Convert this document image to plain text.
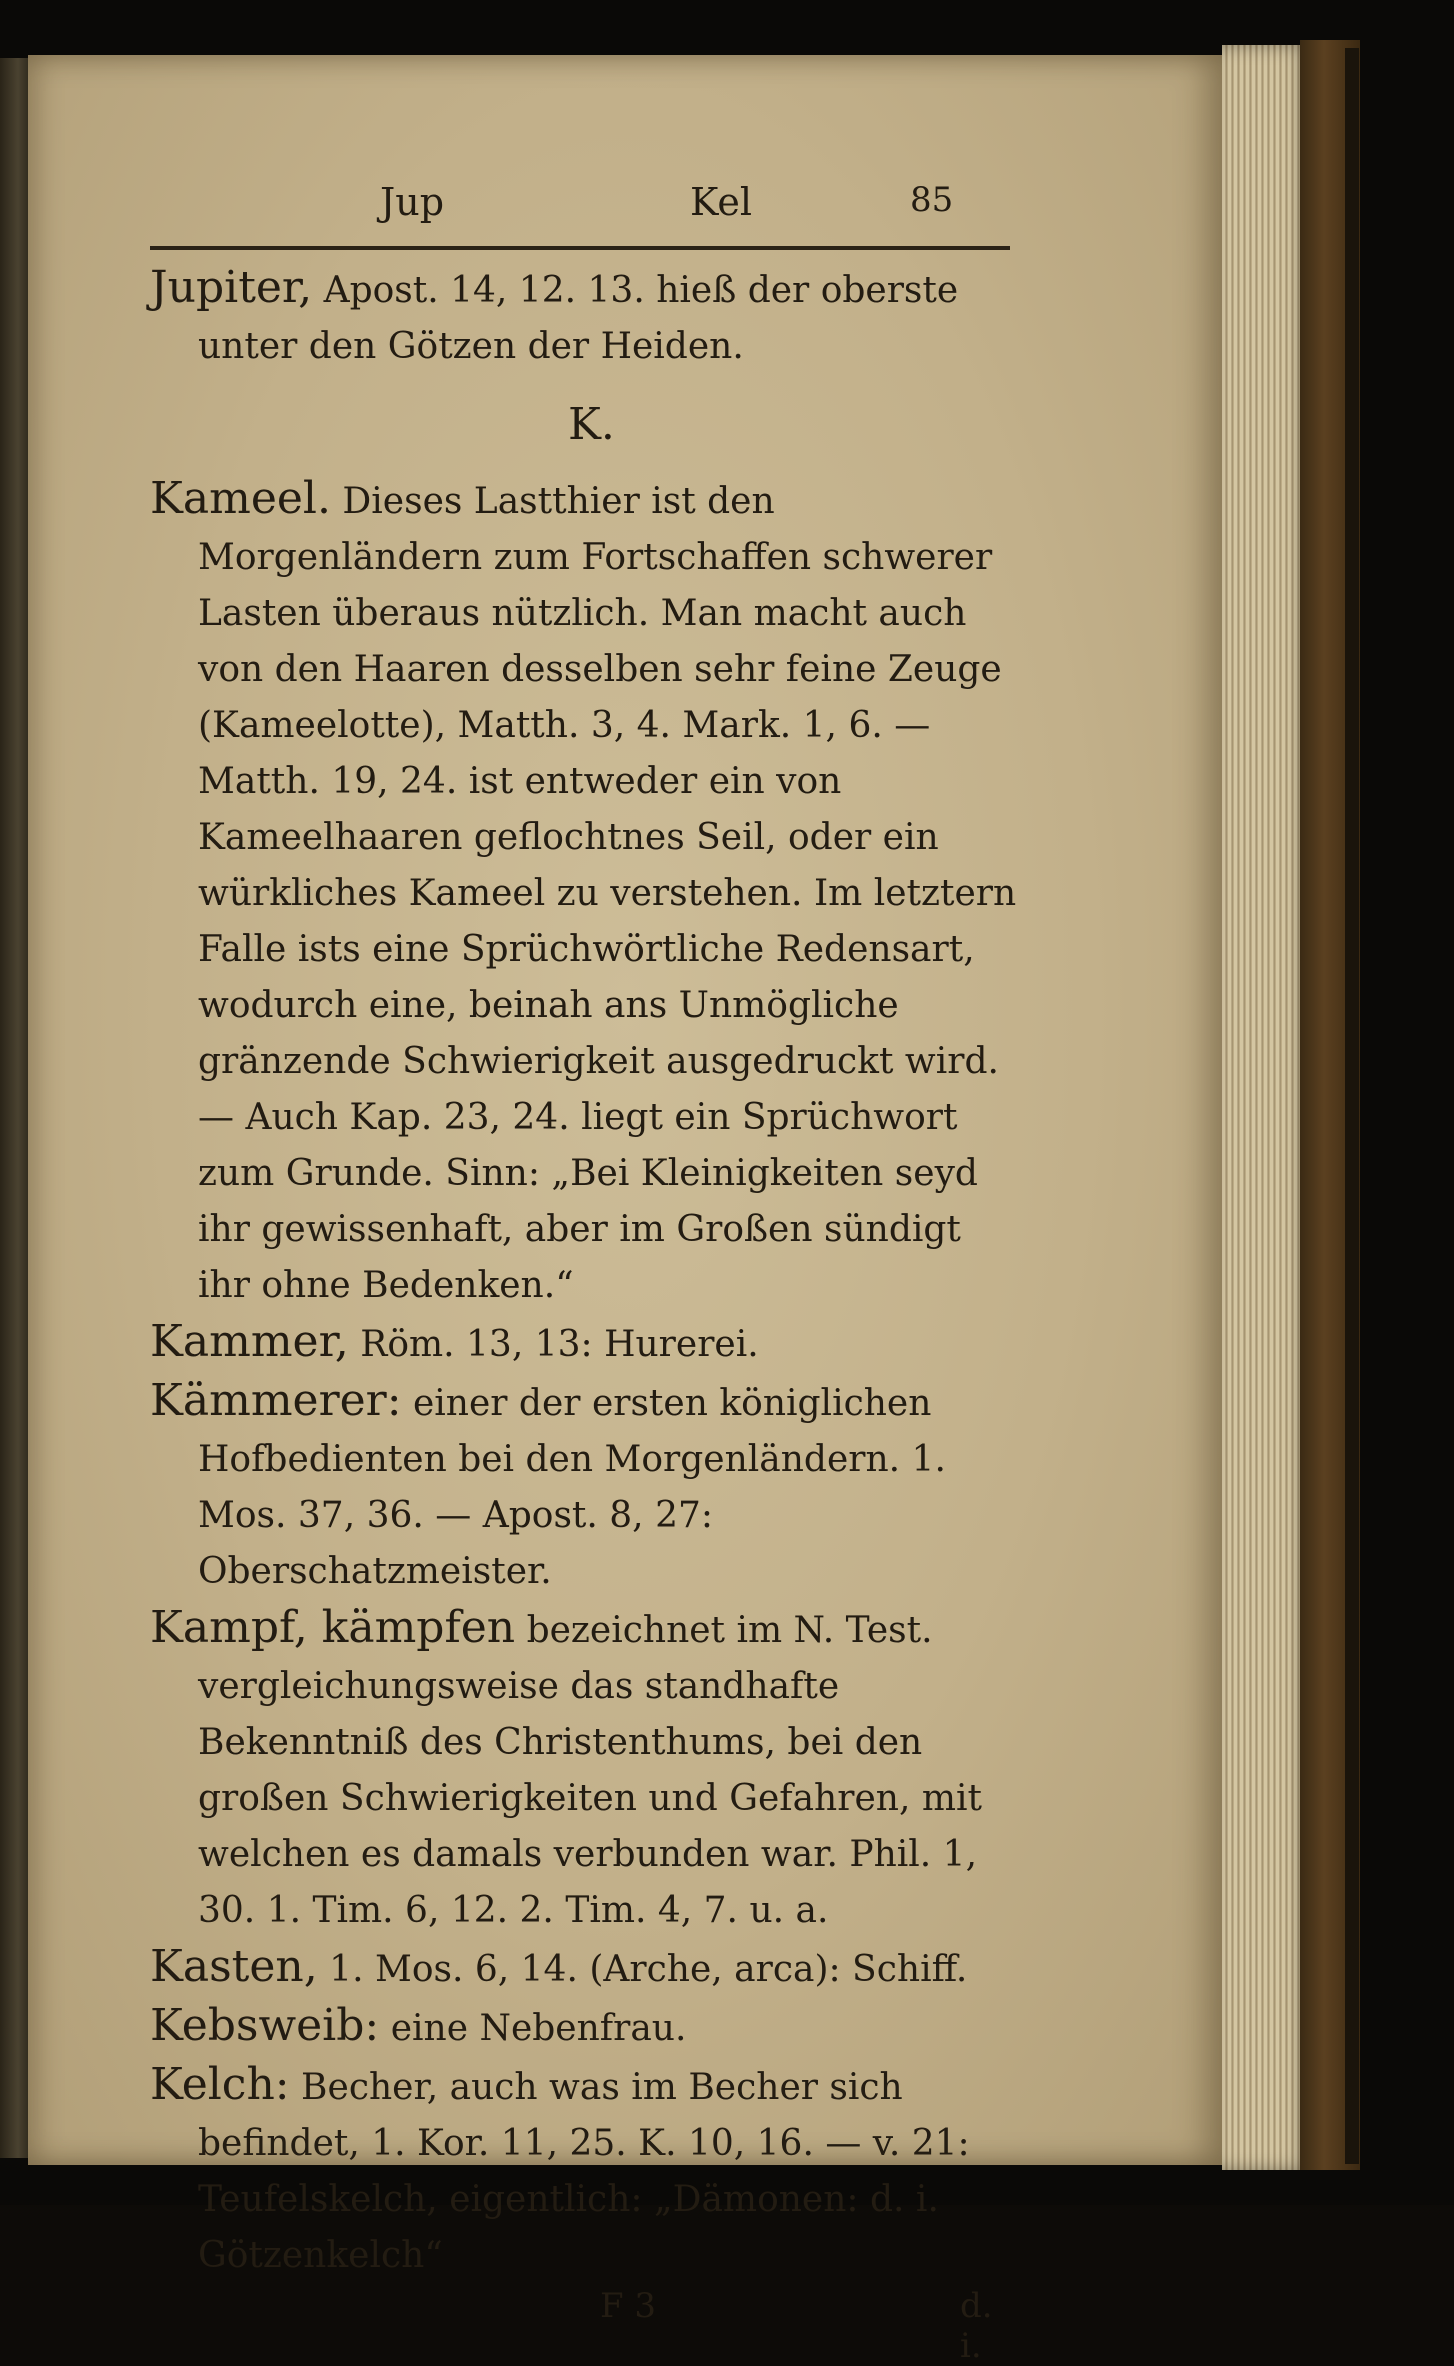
Jup	Kel	85

Jupiter, Apost. 14, 12. 13. hieß der oberste unter den Götzen der Heiden.

K.

Kameel. Dieses Lastthier ist den Morgenländern zum Fortschaffen schwerer Lasten überaus nützlich. Man macht auch von den Haaren desselben sehr feine Zeuge (Kameelotte), Matth. 3, 4. Mark. 1, 6. — Matth. 19, 24. ist entweder ein von Kameelhaaren geflochtnes Seil, oder ein würkliches Kameel zu verstehen. Im letztern Falle ists eine Sprüchwörtliche Redensart, wodurch eine, beinah ans Unmögliche gränzende Schwierigkeit ausgedruckt wird. — Auch Kap. 23, 24. liegt ein Sprüchwort zum Grunde. Sinn: „Bei Kleinigkeiten seyd ihr gewissenhaft, aber im Großen sündigt ihr ohne Bedenken.“

Kammer, Röm. 13, 13: Hurerei.

Kämmerer: einer der ersten königlichen Hofbedienten bei den Morgenländern. 1. Mos. 37, 36. — Apost. 8, 27: Oberschatzmeister.

Kampf, kämpfen bezeichnet im N. Test. vergleichungsweise das standhafte Bekenntniß des Christenthums, bei den großen Schwierigkeiten und Gefahren, mit welchen es damals verbunden war. Phil. 1, 30. 1. Tim. 6, 12. 2. Tim. 4, 7. u. a.

Kasten, 1. Mos. 6, 14. (Arche, arca): Schiff.

Kebsweib: eine Nebenfrau.

Kelch: Becher, auch was im Becher sich befindet, 1. Kor. 11, 25. K. 10, 16. — v. 21: Teufelskelch, eigentlich: „Dämonen: d. i. Götzenkelch“

F 3	d. i.
